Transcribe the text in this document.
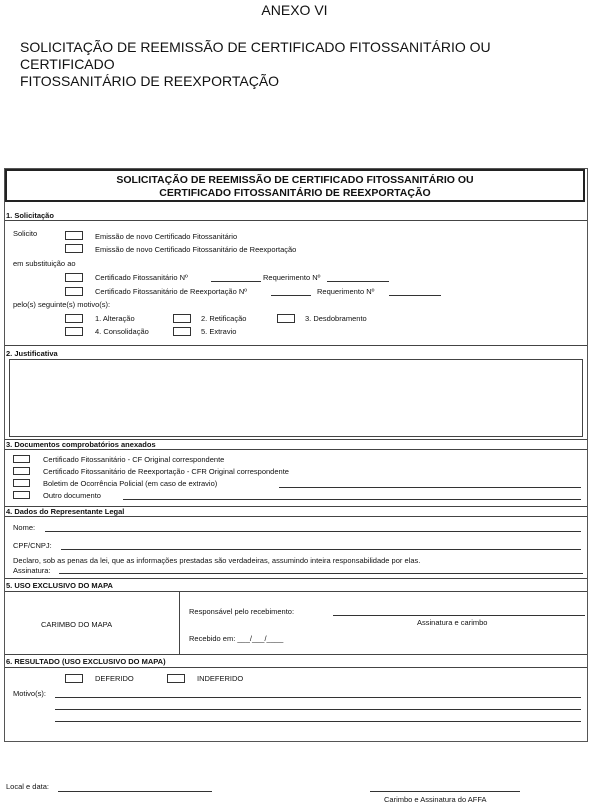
ANEXO VI
SOLICITAÇÃO DE REEMISSÃO DE CERTIFICADO FITOSSANITÁRIO OU CERTIFICADO
FITOSSANITÁRIO DE REEXPORTAÇÃO
SOLICITAÇÃO DE REEMISSÃO DE CERTIFICADO FITOSSANITÁRIO OU
CERTIFICADO FITOSSANITÁRIO DE REEXPORTAÇÃO
1. Solicitação
Solicito	Emissão de novo Certificado Fitossanitário
Emissão de novo Certificado Fitossanitário de Reexportação
em substituição ao
Certificado Fitossanitário Nº	Requerimento Nº
Certificado Fitossanitário de Reexportação Nº	Requerimento Nº
pelo(s) seguinte(s) motivo(s):
1. Alteração	2. Retificação	3. Desdobramento
4. Consolidação	5. Extravio
2. Justificativa
3. Documentos comprobatórios anexados
Certificado Fitossanitário - CF Original correspondente
Certificado Fitossanitário de Reexportação - CFR Original correspondente
Boletim de Ocorrência Policial (em caso de extravio)
Outro documento
4. Dados do Representante Legal
Nome:
CPF/CNPJ:
Declaro, sob as penas da lei, que as informações prestadas são verdadeiras, assumindo inteira responsabilidade por elas.
Assinatura:
5. USO EXCLUSIVO DO MAPA
CARIMBO DO MAPA
Responsável pelo recebimento:
Assinatura e carimbo
Recebido em: ___/___/____
6. RESULTADO (USO EXCLUSIVO DO MAPA)
DEFERIDO	INDEFERIDO
Motivo(s):
Local e data:
Carimbo e Assinatura do AFFA
